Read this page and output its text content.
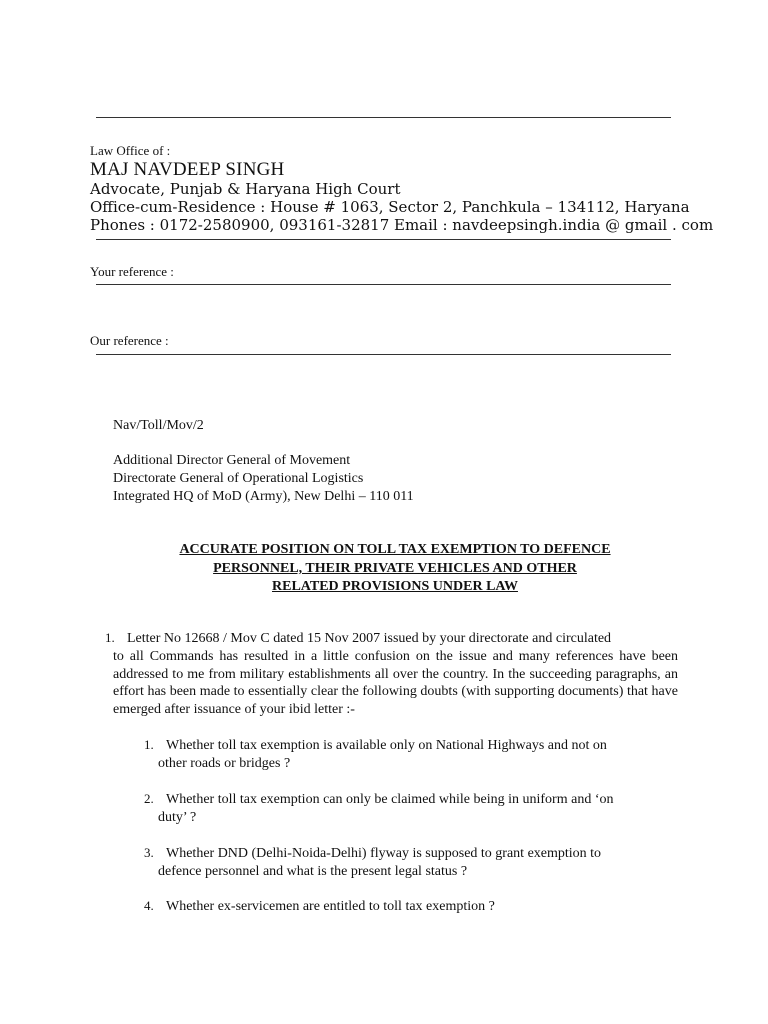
Law Office of :
MAJ NAVDEEP SINGH
Advocate, Punjab & Haryana High Court
Office-cum-Residence : House # 1063, Sector 2, Panchkula – 134112, Haryana
Phones : 0172-2580900, 093161-32817 Email : navdeepsingh.india @ gmail . com
Your reference :
Our reference :
Nav/Toll/Mov/2
Additional Director General of Movement
Directorate General of Operational Logistics
Integrated HQ of MoD (Army), New Delhi – 110 011
ACCURATE POSITION ON TOLL TAX EXEMPTION TO DEFENCE
PERSONNEL, THEIR PRIVATE VEHICLES AND OTHER
RELATED PROVISIONS UNDER LAW
1. Letter No 12668 / Mov C dated 15 Nov 2007 issued by your directorate and circulated
to all Commands has resulted in a little confusion on the issue and many references have been addressed to me from military establishments all over the country. In the succeeding paragraphs, an effort has been made to essentially clear the following doubts (with supporting documents) that have emerged after issuance of your ibid letter :-
1. Whether toll tax exemption is available only on National Highways and not on
other roads or bridges ?
2. Whether toll tax exemption can only be claimed while being in uniform and ‘on
duty’ ?
3. Whether DND (Delhi-Noida-Delhi) flyway is supposed to grant exemption to
defence personnel and what is the present legal status ?
4. Whether ex-servicemen are entitled to toll tax exemption ?
